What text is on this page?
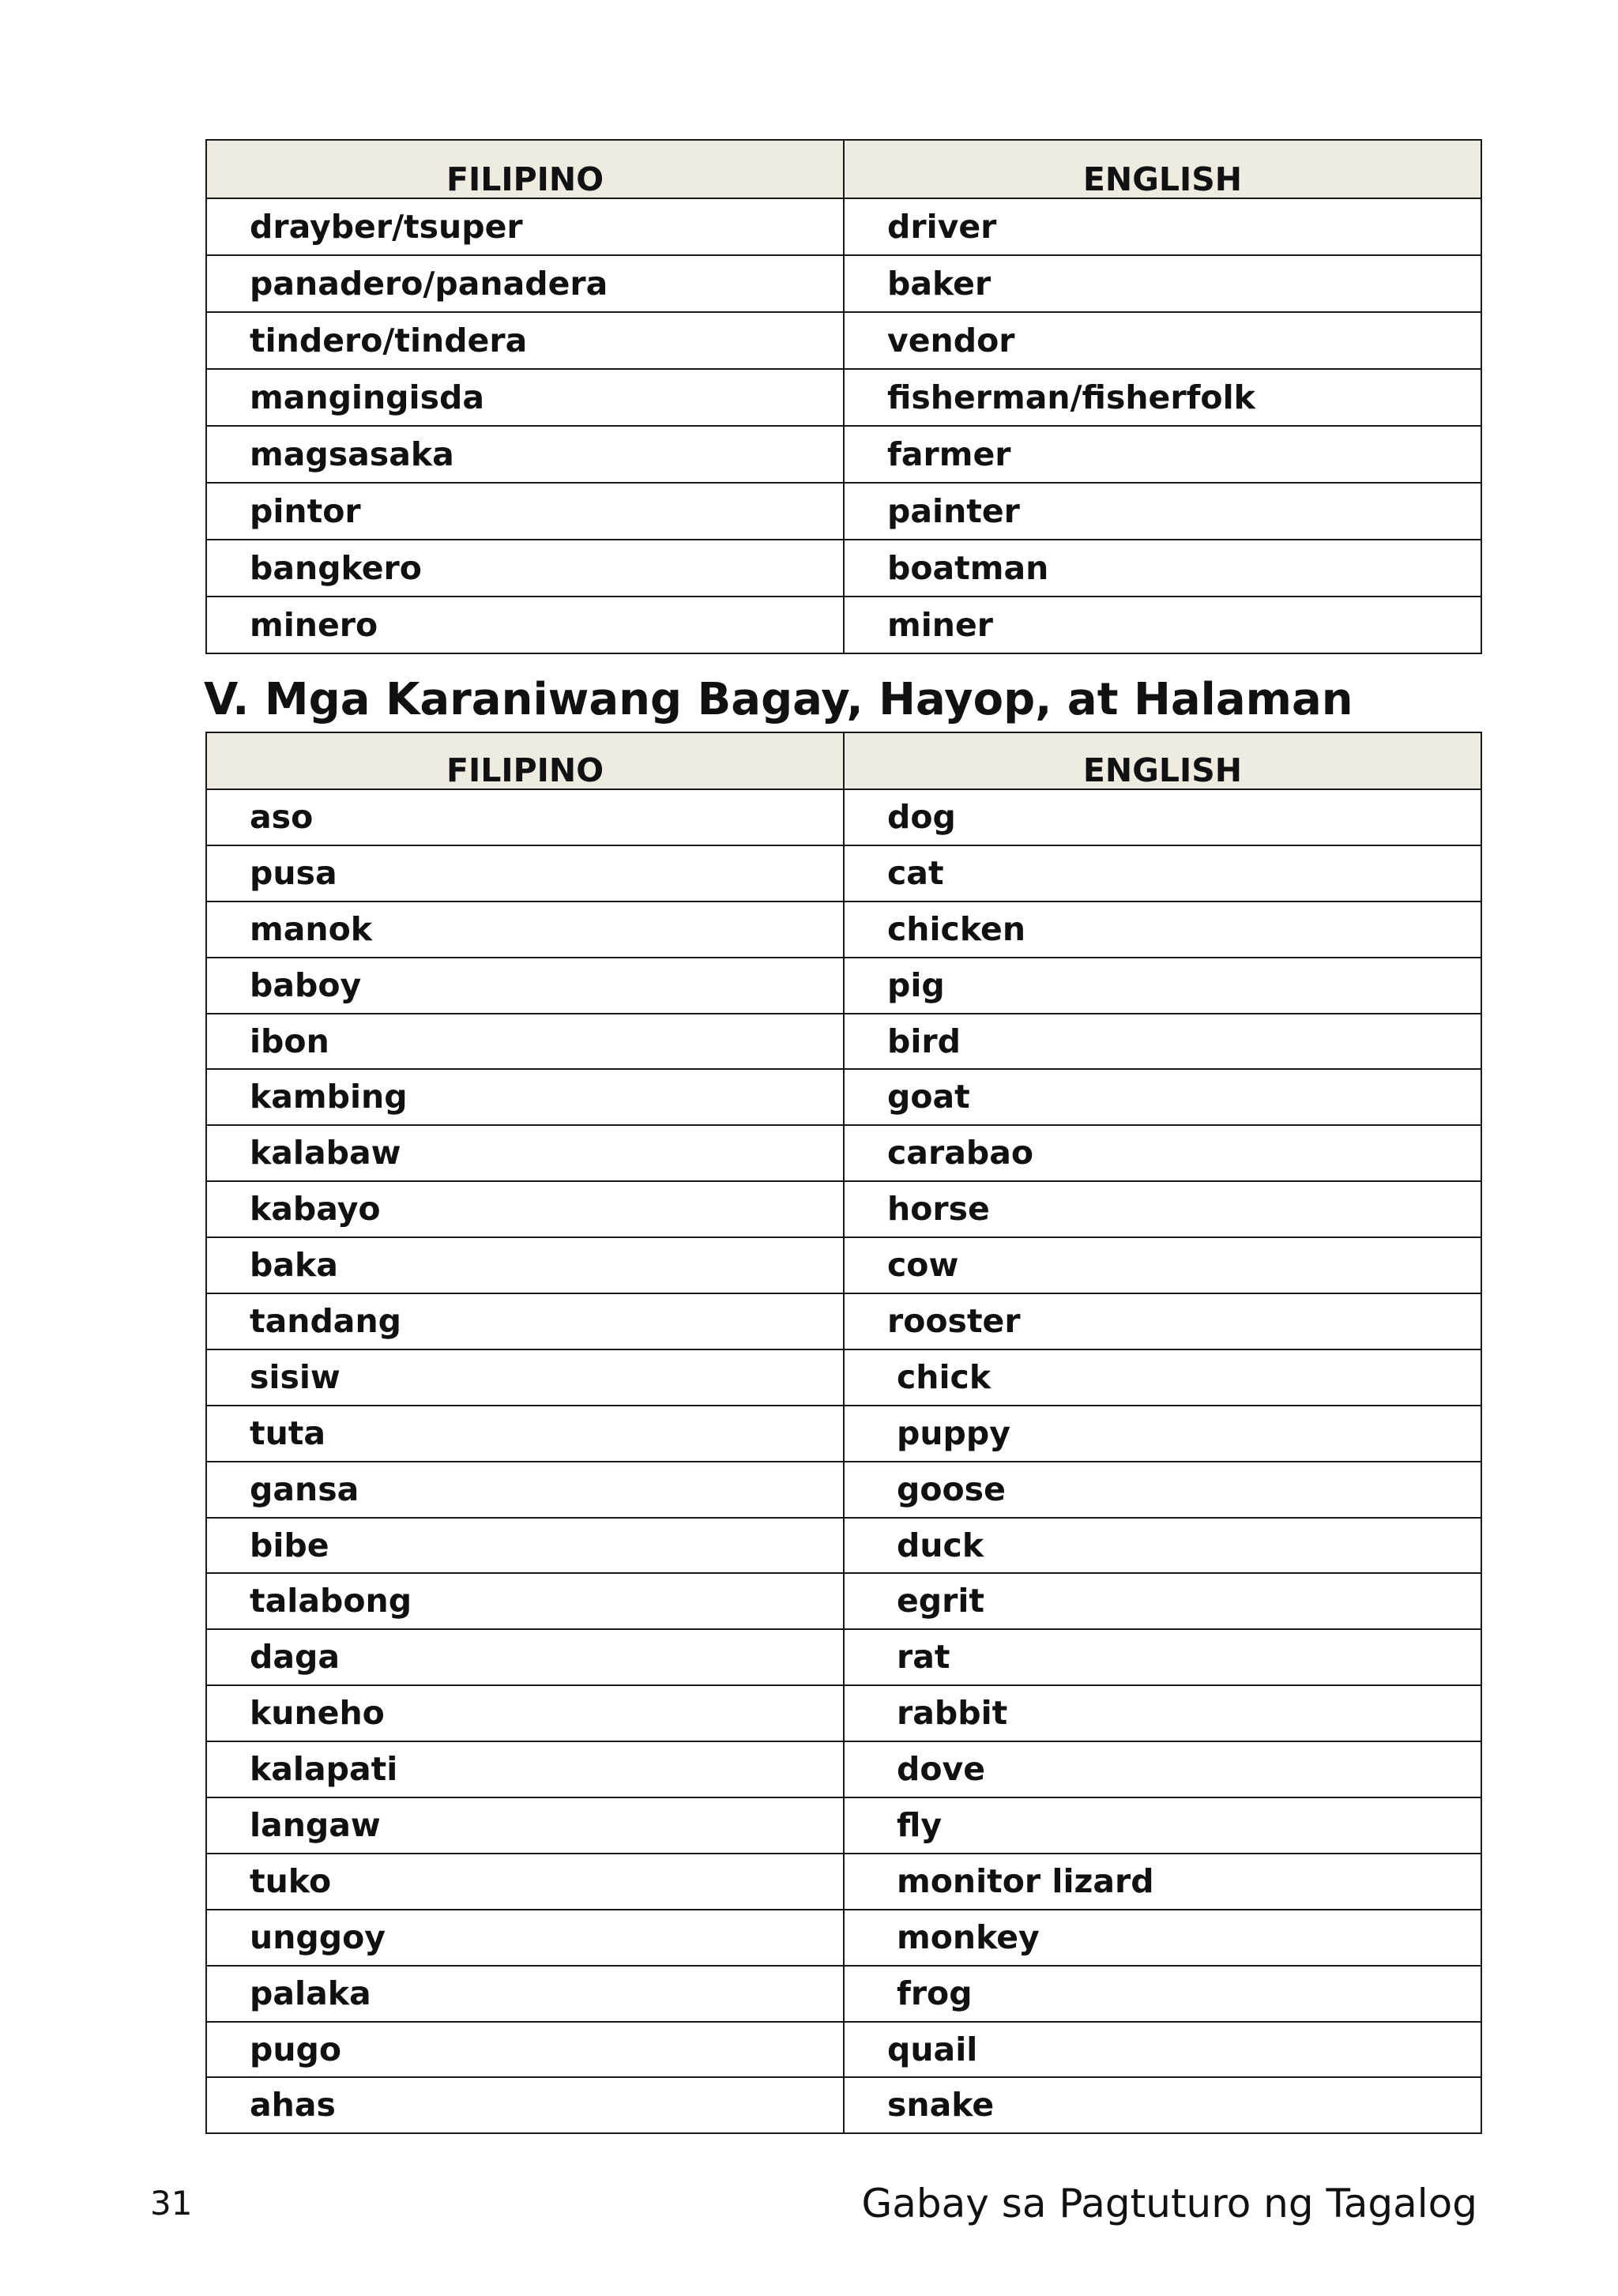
FILIPINO	ENGLISH
drayber/tsuper	driver
panadero/panadera	baker
tindero/tindera	vendor
mangingisda	fisherman/fisherfolk
magsasaka	farmer
pintor	painter
bangkero	boatman
minero	miner
V. Mga Karaniwang Bagay, Hayop, at Halaman
FILIPINO	ENGLISH
aso	dog
pusa	cat
manok	chicken
baboy	pig
ibon	bird
kambing	goat
kalabaw	carabao
kabayo	horse
baka	cow
tandang	rooster
sisiw	chick
tuta	puppy
gansa	goose
bibe	duck
talabong	egrit
daga	rat
kuneho	rabbit
kalapati	dove
langaw	fly
tuko	monitor lizard
unggoy	monkey
palaka	frog
pugo	quail
ahas	snake
31	Gabay sa Pagtuturo ng Tagalog
